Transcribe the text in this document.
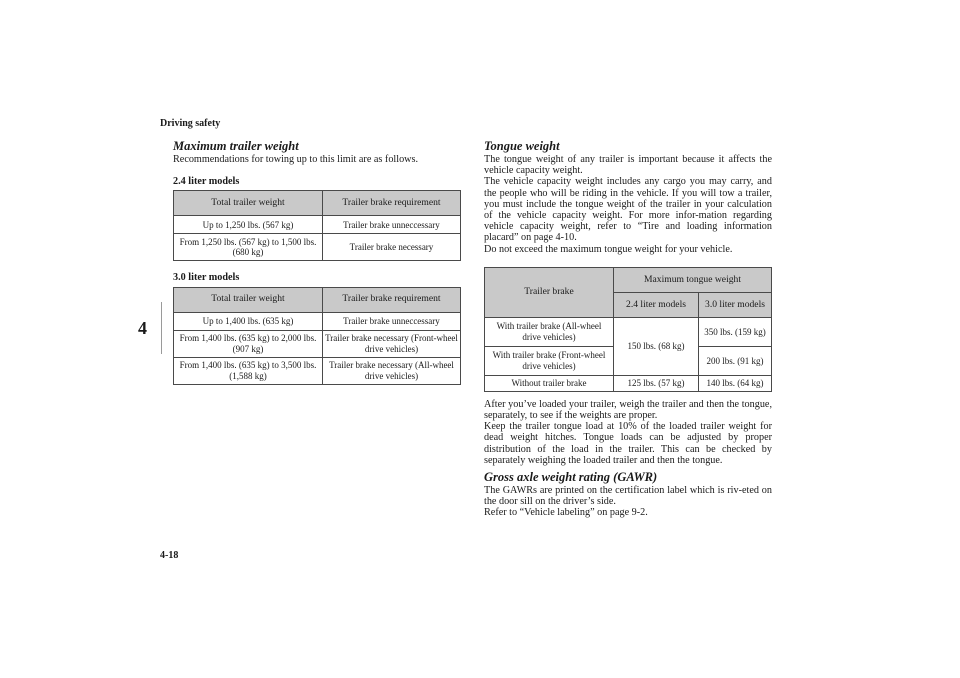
Driving safety
4
Maximum trailer weight

Recommendations for towing up to this limit are as follows.

2.4 liter models
Total trailer weight	Trailer brake requirement
Up to 1,250 lbs. (567 kg)	Trailer brake unneccessary
From 1,250 lbs. (567 kg) to 1,500 lbs. (680 kg)	Trailer brake necessary
3.0 liter models
Total trailer weight	Trailer brake requirement
Up to 1,400 lbs. (635 kg)	Trailer brake unneccessary
From 1,400 lbs. (635 kg) to 2,000 lbs. (907 kg)	Trailer brake necessary (Front-wheel drive vehicles)
From 1,400 lbs. (635 kg) to 3,500 lbs. (1,588 kg)	Trailer brake necessary (All-wheel drive vehicles)
Tongue weight

The tongue weight of any trailer is important because it affects the vehicle capacity weight.

The vehicle capacity weight includes any cargo you may carry, and the people who will be riding in the vehicle. If you will tow a trailer, you must include the tongue weight of the trailer in your calculation of the vehicle capacity weight. For more infor-mation regarding vehicle capacity weight, refer to “Tire and loading information placard” on page 4-10.

Do not exceed the maximum tongue weight for your vehicle.

Trailer brake	Maximum tongue weight	
	2.4 liter models	3.0 liter models
With trailer brake (All-wheel drive vehicles)	150 lbs. (68 kg)	350 lbs. (159 kg)
With trailer brake (Front-wheel drive vehicles)		200 lbs. (91 kg)
Without trailer brake	125 lbs. (57 kg)	140 lbs. (64 kg)

After you’ve loaded your trailer, weigh the trailer and then the tongue, separately, to see if the weights are proper.

Keep the trailer tongue load at 10% of the loaded trailer weight for dead weight hitches. Tongue loads can be adjusted by proper distribution of the load in the trailer. This can be checked by separately weighing the loaded trailer and then the tongue.

Gross axle weight rating (GAWR)

The GAWRs are printed on the certification label which is riv-eted on the door sill on the driver’s side.

Refer to “Vehicle labeling” on page 9-2.

4-18
